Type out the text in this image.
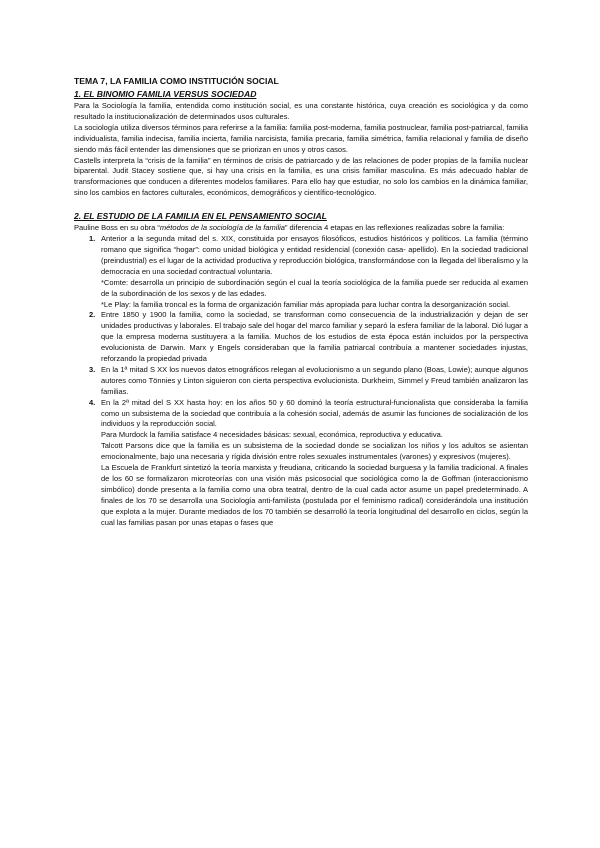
TEMA 7, LA FAMILIA COMO INSTITUCIÓN SOCIAL
1. EL BINOMIO FAMILIA VERSUS SOCIEDAD

Para la Sociología la familia, entendida como institución social, es una constante histórica, cuya creación es sociológica y da como resultado la institucionalización de determinados usos culturales.

La sociología utiliza diversos términos para referirse a la familia: familia post-moderna, familia postnuclear, familia post-patriarcal, familia individualista, familia indecisa, familia incierta, familia narcisista, familia precaria, familia simétrica, familia relacional y familia de diseño siendo más fácil entender las dimensiones que se priorizan en unos y otros casos.

Castells interpreta la “crisis de la familia” en términos de crisis de patriarcado y de las relaciones de poder propias de la familia nuclear biparental. Judit Stacey sostiene que, si hay una crisis en la familia, es una crisis familiar masculina. Es más adecuado hablar de transformaciones que conducen a diferentes modelos familiares. Para ello hay que estudiar, no solo los cambios en la dinámica familiar, sino los cambios en factores culturales, económicos, demográficos y científico-tecnológico.

2. EL ESTUDIO DE LA FAMILIA EN EL PENSAMIENTO SOCIAL

Pauline Boss en su obra “métodos de la sociología de la familia” diferencia 4 etapas en las reflexiones realizadas sobre la familia:

1. Anterior a la segunda mitad del s. XIX, constituida por ensayos filosóficos, estudios históricos y políticos. La familia (término romano que significa “hogar”: como unidad biológica y entidad residencial (conexión casa- apellido). En la sociedad tradicional (preindustrial) es el lugar de la actividad productiva y reproducción biológica, transformándose con la llegada del liberalismo y la democracia en una sociedad contractual voluntaria.

*Comte: desarrolla un principio de subordinación según el cual la teoría sociológica de la familia puede ser reducida al examen de la subordinación de los sexos y de las edades.

*Le Play: la familia troncal es la forma de organización familiar más apropiada para luchar contra la desorganización social.

2. Entre 1850 y 1900 la familia, como la sociedad, se transforman como consecuencia de la industrialización y dejan de ser unidades productivas y laborales. El trabajo sale del hogar del marco familiar y separó la esfera familiar de la laboral. Dió lugar a que la empresa moderna sustituyera a la familia. Muchos de los estudios de esta época están incluidos por la perspectiva evolucionista de Darwin. Marx y Engels consideraban que la familia patriarcal contribuía a mantener sociedades injustas, reforzando la propiedad privada

3. En la 1ª mitad S XX los nuevos datos etnográficos relegan al evolucionismo a un segundo plano (Boas, Lowie); aunque algunos autores como Tönnies y Linton siguieron con cierta perspectiva evolucionista. Durkheim, Simmel y Freud también analizaron las familias.

4. En la 2ª mitad del S XX hasta hoy: en los años 50 y 60 dominó la teoría estructural-funcionalista que consideraba la familia como un subsistema de la sociedad que contribuía a la cohesión social, además de asumir las funciones de socialización de los individuos y la reproducción social.

Para Murdock la familia satisface 4 necesidades básicas: sexual, económica, reproductiva y educativa.

Talcott Parsons dice que la familia es un subsistema de la sociedad donde se socializan los niños y los adultos se asientan emocionalmente, bajo una necesaria y rígida división entre roles sexuales instrumentales (varones) y expresivos (mujeres).

La Escuela de Frankfurt sintetizó la teoría marxista y freudiana, criticando la sociedad burguesa y la familia tradicional. A finales de los 60 se formalizaron microteorías con una visión más psicosocial que sociológica como la de Goffman (interaccionismo simbólico) donde presenta a la familia como una obra teatral, dentro de la cual cada actor asume un papel predeterminado. A finales de los 70 se desarrolla una Sociología anti-familista (postulada por el feminismo radical) considerándola una institución que explota a la mujer. Durante mediados de los 70 también se desarrolló la teoría longitudinal del desarrollo en ciclos, según la cual las familias pasan por unas etapas o fases que
